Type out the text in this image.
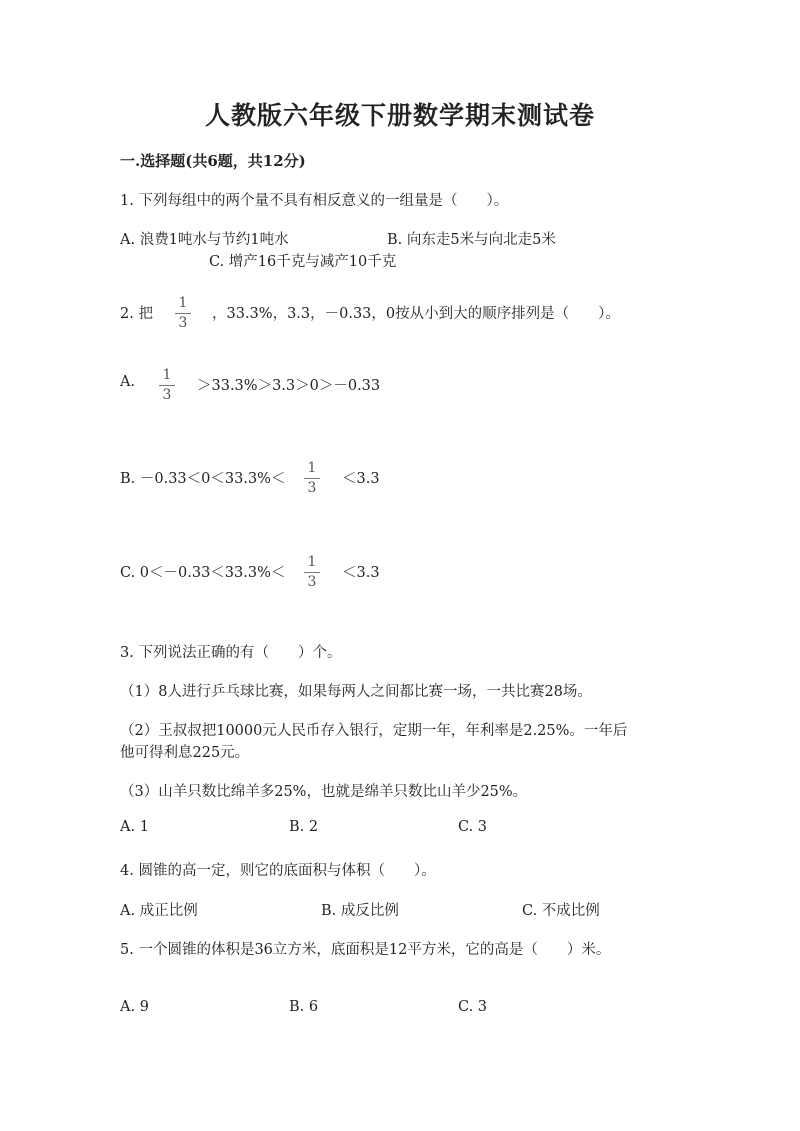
人教版六年级下册数学期末测试卷
一.选择题(共6题，共12分)
1. 下列每组中的两个量不具有相反意义的一组量是（　　）。
A. 浪费1吨水与节约1吨水	B. 向东走5米与向北走5米
C. 增产16千克与减产10千克
2. 把
1
3
，33.3%，3.3，－0.33，0按从小到大的顺序排列是（　　）。
A.	1
3
＞33.3%＞3.3＞0＞－0.33
B. －0.33＜0＜33.3%＜
1
3
＜3.3
C. 0＜－0.33＜33.3%＜
1
3
＜3.3
3. 下列说法正确的有（　　）个。
（1）8人进行乒乓球比赛，如果每两人之间都比赛一场，一共比赛28场。
（2）王叔叔把10000元人民币存入银行，定期一年，年利率是2.25%。一年后
他可得利息225元。
（3）山羊只数比绵羊多25%，也就是绵羊只数比山羊少25%。
A. 1	B. 2	C. 3
4. 圆锥的高一定，则它的底面积与体积（　　）。
A. 成正比例	B. 成反比例	C. 不成比例
5. 一个圆锥的体积是36立方米，底面积是12平方米，它的高是（　　）米。
A. 9	B. 6	C. 3
